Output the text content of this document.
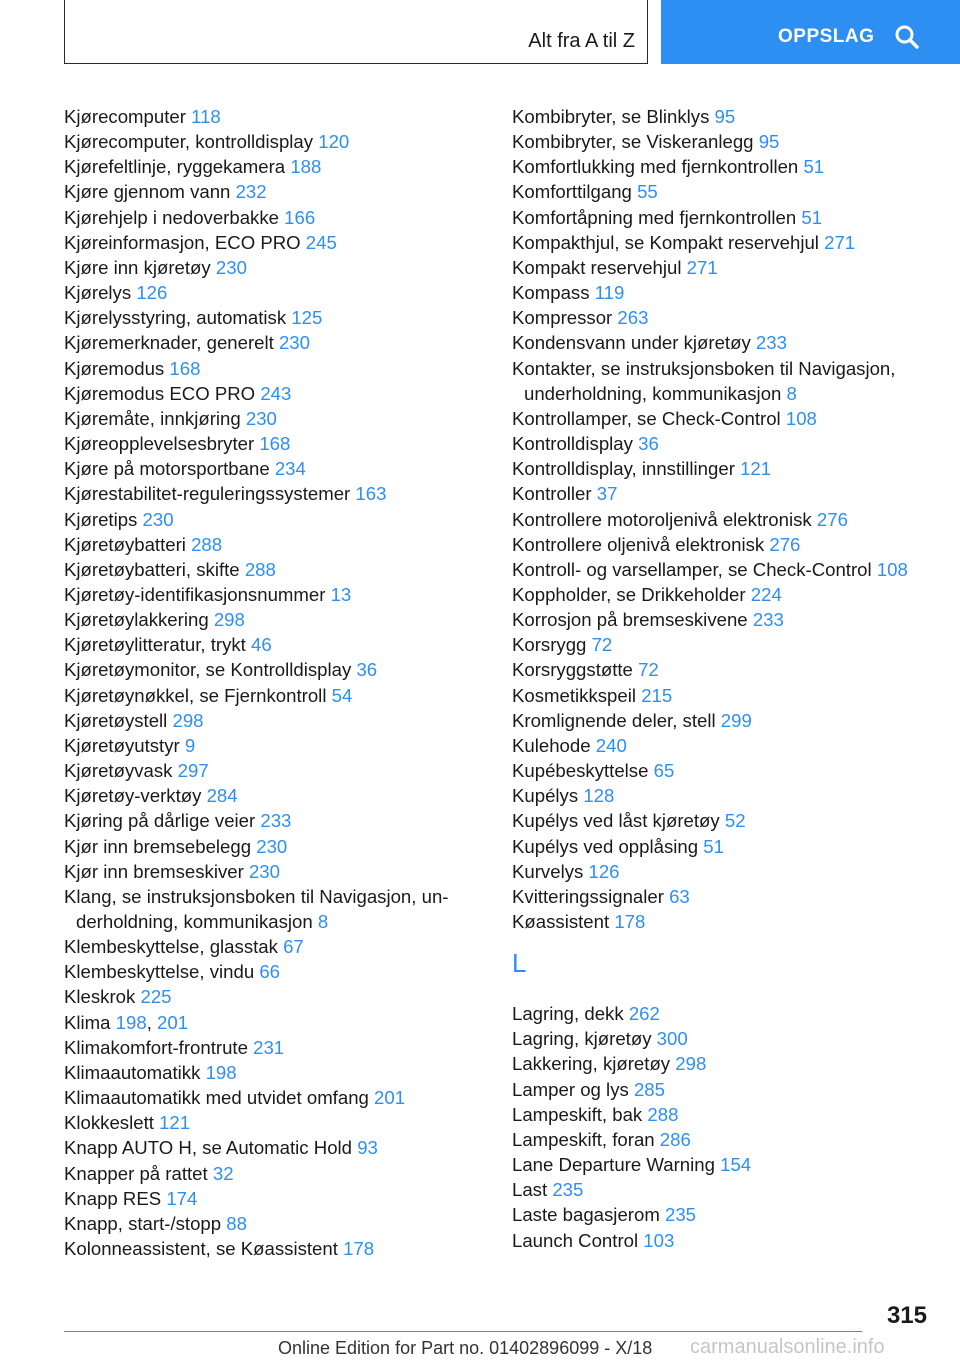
Alt fra A til Z	OPPSLAG
Kjørecomputer 118
Kjørecomputer, kontrolldisplay 120
Kjørefeltlinje, ryggekamera 188
Kjøre gjennom vann 232
Kjørehjelp i nedoverbakke 166
Kjøreinformasjon, ECO PRO 245
Kjøre inn kjøretøy 230
Kjørelys 126
Kjørelysstyring, automatisk 125
Kjøremerknader, generelt 230
Kjøremodus 168
Kjøremodus ECO PRO 243
Kjøremåte, innkjøring 230
Kjøreopplevelsesbryter 168
Kjøre på motorsportbane 234
Kjørestabilitet-reguleringssystemer 163
Kjøretips 230
Kjøretøybatteri 288
Kjøretøybatteri, skifte 288
Kjøretøy-identifikasjonsnummer 13
Kjøretøylakkering 298
Kjøretøylitteratur, trykt 46
Kjøretøymonitor, se Kontrolldisplay 36
Kjøretøynøkkel, se Fjernkontroll 54
Kjøretøystell 298
Kjøretøyutstyr 9
Kjøretøyvask 297
Kjøretøy-verktøy 284
Kjøring på dårlige veier 233
Kjør inn bremsebelegg 230
Kjør inn bremseskiver 230
Klang, se instruksjonsboken til Navigasjon, un-derholdning, kommunikasjon 8
Klembeskyttelse, glasstak 67
Klembeskyttelse, vindu 66
Kleskrok 225
Klima 198, 201
Klimakomfort-frontrute 231
Klimaautomatikk 198
Klimaautomatikk med utvidet omfang 201
Klokkeslett 121
Knapp AUTO H, se Automatic Hold 93
Knapper på rattet 32
Knapp RES 174
Knapp, start-/stopp 88
Kolonneassistent, se Køassistent 178
Kombibryter, se Blinklys 95
Kombibryter, se Viskeranlegg 95
Komfortlukking med fjernkontrollen 51
Komforttilgang 55
Komfortåpning med fjernkontrollen 51
Kompakthjul, se Kompakt reservehjul 271
Kompakt reservehjul 271
Kompass 119
Kompressor 263
Kondensvann under kjøretøy 233
Kontakter, se instruksjonsboken til Navigasjon, underholdning, kommunikasjon 8
Kontrollamper, se Check-Control 108
Kontrolldisplay 36
Kontrolldisplay, innstillinger 121
Kontroller 37
Kontrollere motoroljenivå elektronisk 276
Kontrollere oljenivå elektronisk 276
Kontroll- og varsellamper, se Check-Control 108
Koppholder, se Drikkeholder 224
Korrosjon på bremseskivene 233
Korsrygg 72
Korsryggstøtte 72
Kosmetikkspeil 215
Kromlignende deler, stell 299
Kulehode 240
Kupébeskyttelse 65
Kupélys 128
Kupélys ved låst kjøretøy 52
Kupélys ved opplåsing 51
Kurvelys 126
Kvitteringssignaler 63
Køassistent 178
L
Lagring, dekk 262
Lagring, kjøretøy 300
Lakkering, kjøretøy 298
Lamper og lys 285
Lampeskift, bak 288
Lampeskift, foran 286
Lane Departure Warning 154
Last 235
Laste bagasjerom 235
Launch Control 103
315
Online Edition for Part no. 01402896099 - X/18 carmanualsonline.info
